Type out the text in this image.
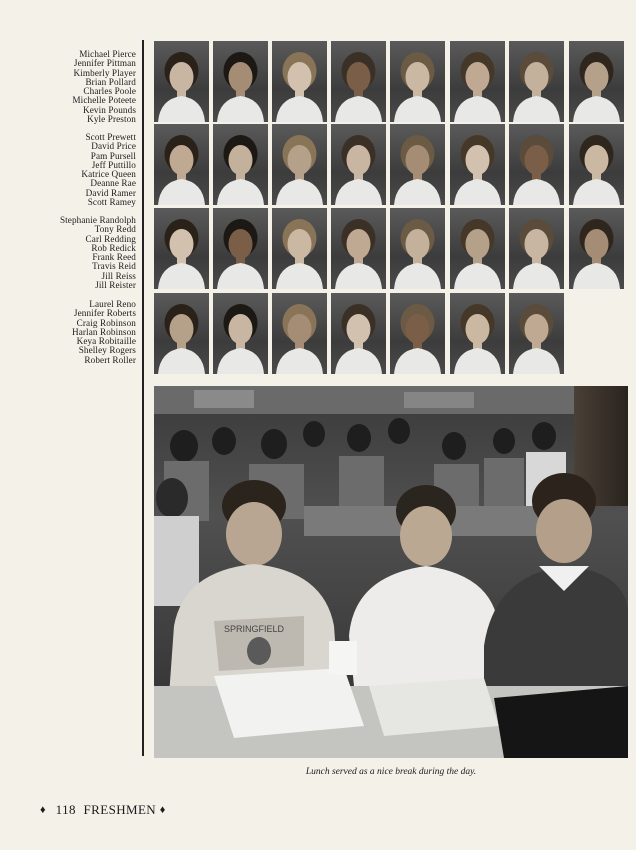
Michael Pierce
Jennifer Pittman
Kimberly Player
Brian Pollard
Charles Poole
Michelle Poteete
Kevin Pounds
Kyle Preston
Scott Prewett
David Price
Pam Pursell
Jeff Puttillo
Katrice Queen
Deanne Rae
David Ramer
Scott Ramey
Stephanie Randolph
Tony Redd
Carl Redding
Rob Redick
Frank Reed
Travis Reid
Jill Reiss
Jill Reister
Laurel Reno
Jennifer Roberts
Craig Robinson
Harlan Robinson
Keya Robitaille
Shelley Rogers
Robert Roller
SPRINGFIELD
Lunch served as a nice break during the day.
♦ 118 FRESHMEN ♦
